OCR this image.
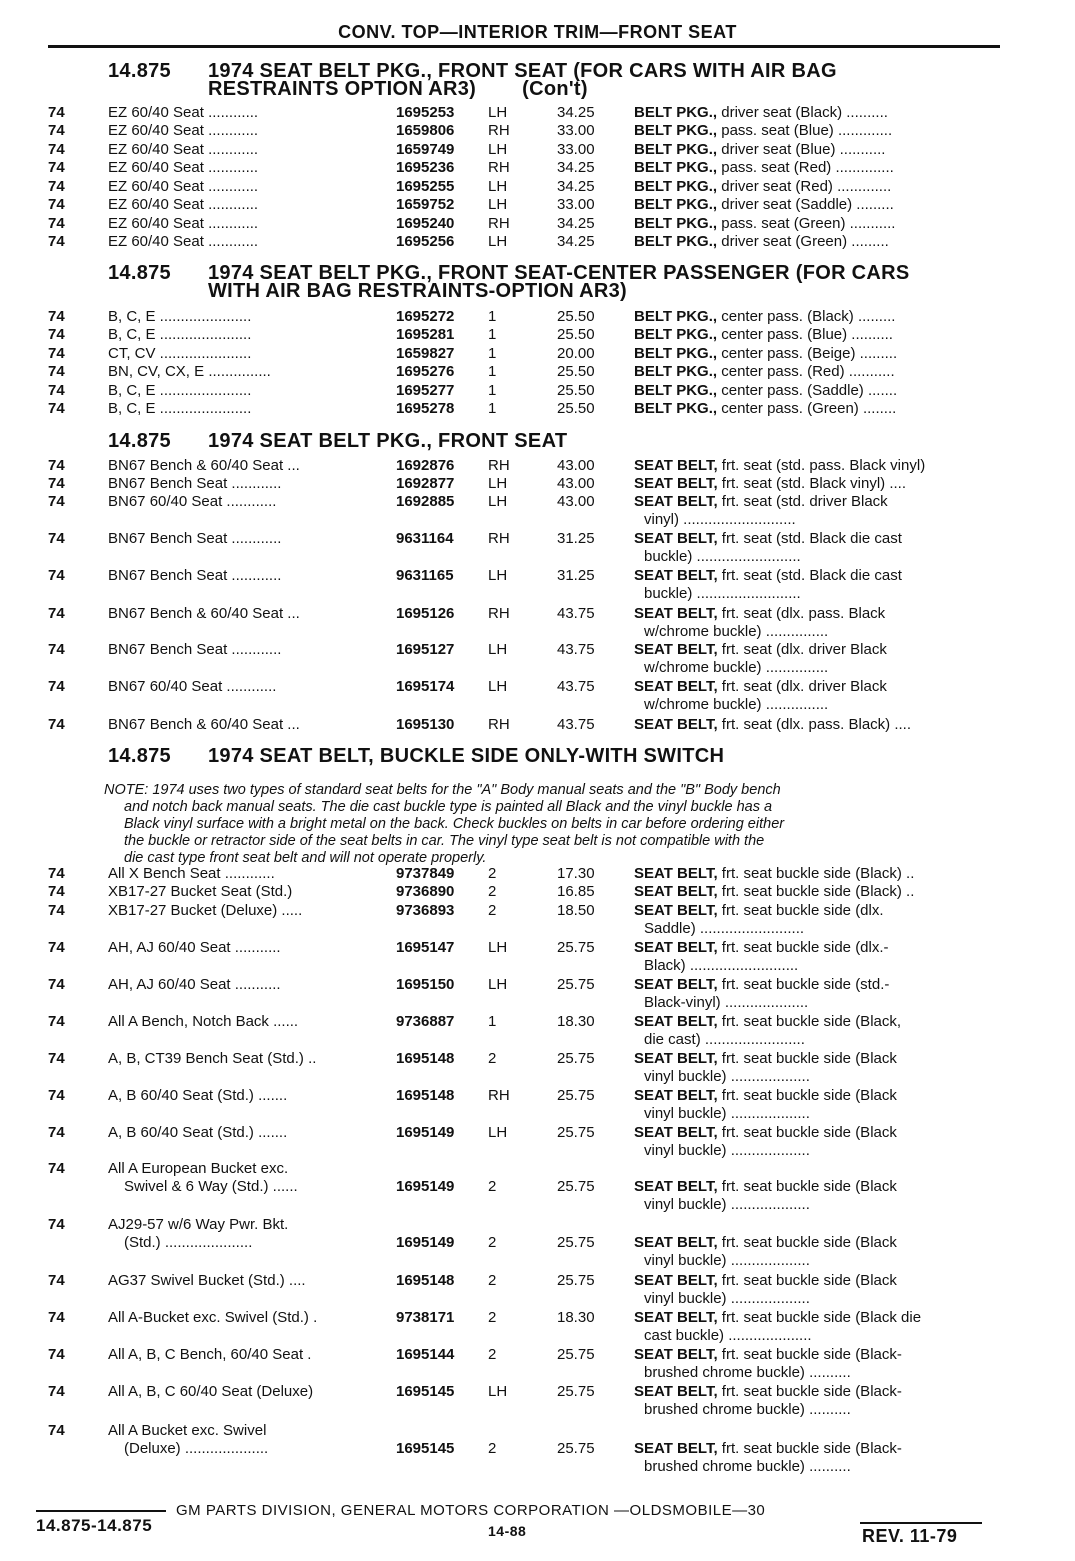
CONV. TOP—INTERIOR TRIM—FRONT SEAT
14.875 1974 SEAT BELT PKG., FRONT SEAT (FOR CARS WITH AIR BAG
RESTRAINTS OPTION AR3) (Con't)
14.875 1974 SEAT BELT PKG., FRONT SEAT-CENTER PASSENGER (FOR CARS
WITH AIR BAG RESTRAINTS-OPTION AR3)
14.875 1974 SEAT BELT PKG., FRONT SEAT
14.875 1974 SEAT BELT, BUCKLE SIDE ONLY-WITH SWITCH
NOTE: 1974 uses two types of standard seat belts for the "A" Body manual seats and the "B" Body bench
and notch back manual seats. The die cast buckle type is painted all Black and the vinyl buckle has a
Black vinyl surface with a bright metal on the back. Check buckles on belts in car before ordering either
the buckle or retractor side of the seat belts in car. The vinyl type seat belt is not compatible with the
die cast type front seat belt and will not operate properly.
74	EZ 60/40 Seat ............	1695253 LH	34.25	BELT PKG., driver seat (Black) ..........
74	EZ 60/40 Seat ............	1659806 RH	33.00	BELT PKG., pass. seat (Blue) .............
74	EZ 60/40 Seat ............	1659749 LH	33.00	BELT PKG., driver seat (Blue) ...........
74	EZ 60/40 Seat ............	1695236 RH	34.25	BELT PKG., pass. seat (Red) ..............
74	EZ 60/40 Seat ............	1695255 LH	34.25	BELT PKG., driver seat (Red) .............
74	EZ 60/40 Seat ............	1659752 LH	33.00	BELT PKG., driver seat (Saddle) .........
74	EZ 60/40 Seat ............	1695240 RH	34.25	BELT PKG., pass. seat (Green) ...........
74	EZ 60/40 Seat ............	1695256 LH	34.25	BELT PKG., driver seat (Green) .........
74	B, C, E ......................	1695272 1	25.50	BELT PKG., center pass. (Black) .........
74	B, C, E ......................	1695281 1	25.50	BELT PKG., center pass. (Blue) ..........
74	CT, CV ......................	1659827 1	20.00	BELT PKG., center pass. (Beige) .........
74	BN, CV, CX, E ...............	1695276 1	25.50	BELT PKG., center pass. (Red) ...........
74	B, C, E ......................	1695277 1	25.50	BELT PKG., center pass. (Saddle) .......
74	B, C, E ......................	1695278 1	25.50	BELT PKG., center pass. (Green) ........
74	BN67 Bench & 60/40 Seat ...	1692876 RH	43.00	SEAT BELT, frt. seat (std. pass. Black vinyl)
74	BN67 Bench Seat ............	1692877 LH	43.00	SEAT BELT, frt. seat (std. Black vinyl) ....
74	BN67 60/40 Seat ............	1692885 LH	43.00	SEAT BELT, frt. seat (std. driver Black
vinyl) ...........................
74	BN67 Bench Seat ............	9631164 RH	31.25	SEAT BELT, frt. seat (std. Black die cast
buckle) .........................
74	BN67 Bench Seat ............	9631165 LH	31.25	SEAT BELT, frt. seat (std. Black die cast
buckle) .........................
74	BN67 Bench & 60/40 Seat ...	1695126 RH	43.75	SEAT BELT, frt. seat (dlx. pass. Black
w/chrome buckle) ...............
74	BN67 Bench Seat ............	1695127 LH	43.75	SEAT BELT, frt. seat (dlx. driver Black
w/chrome buckle) ...............
74	BN67 60/40 Seat ............	1695174 LH	43.75	SEAT BELT, frt. seat (dlx. driver Black
w/chrome buckle) ...............
74	BN67 Bench & 60/40 Seat ...	1695130 RH	43.75	SEAT BELT, frt. seat (dlx. pass. Black) ....
74	All X Bench Seat ............	9737849 2	17.30	SEAT BELT, frt. seat buckle side (Black) ..
74	XB17-27 Bucket Seat (Std.)	9736890 2	16.85	SEAT BELT, frt. seat buckle side (Black) ..
74	XB17-27 Bucket (Deluxe) .....	9736893 2	18.50	SEAT BELT, frt. seat buckle side (dlx.
Saddle) .........................
74	AH, AJ 60/40 Seat ...........	1695147 LH	25.75	SEAT BELT, frt. seat buckle side (dlx.-
Black) ..........................
74	AH, AJ 60/40 Seat ...........	1695150 LH	25.75	SEAT BELT, frt. seat buckle side (std.-
Black-vinyl) ....................
74	All A Bench, Notch Back ......	9736887 1	18.30	SEAT BELT, frt. seat buckle side (Black,
die cast) ........................
74	A, B, CT39 Bench Seat (Std.) ..	1695148 2	25.75	SEAT BELT, frt. seat buckle side (Black
vinyl buckle) ...................
74	A, B 60/40 Seat (Std.) .......	1695148 RH	25.75	SEAT BELT, frt. seat buckle side (Black
vinyl buckle) ...................
74	A, B 60/40 Seat (Std.) .......	1695149 LH	25.75	SEAT BELT, frt. seat buckle side (Black
vinyl buckle) ...................
74	All A European Bucket exc.
Swivel & 6 Way (Std.) ......	1695149 2	25.75	SEAT BELT, frt. seat buckle side (Black
vinyl buckle) ...................
74	AJ29-57 w/6 Way Pwr. Bkt.
(Std.) .....................	1695149 2	25.75	SEAT BELT, frt. seat buckle side (Black
vinyl buckle) ...................
74	AG37 Swivel Bucket (Std.) ....	1695148 2	25.75	SEAT BELT, frt. seat buckle side (Black
vinyl buckle) ...................
74	All A-Bucket exc. Swivel (Std.) .	9738171 2	18.30	SEAT BELT, frt. seat buckle side (Black die
cast buckle) ....................
74	All A, B, C Bench, 60/40 Seat .	1695144 2	25.75	SEAT BELT, frt. seat buckle side (Black-
brushed chrome buckle) ..........
74	All A, B, C 60/40 Seat (Deluxe)	1695145 LH	25.75	SEAT BELT, frt. seat buckle side (Black-
brushed chrome buckle) ..........
74	All A Bucket exc. Swivel
(Deluxe) ....................	1695145 2	25.75	SEAT BELT, frt. seat buckle side (Black-
brushed chrome buckle) ..........
GM PARTS DIVISION, GENERAL MOTORS CORPORATION —OLDSMOBILE—30
14.875-14.875	14-88	REV. 11-79
